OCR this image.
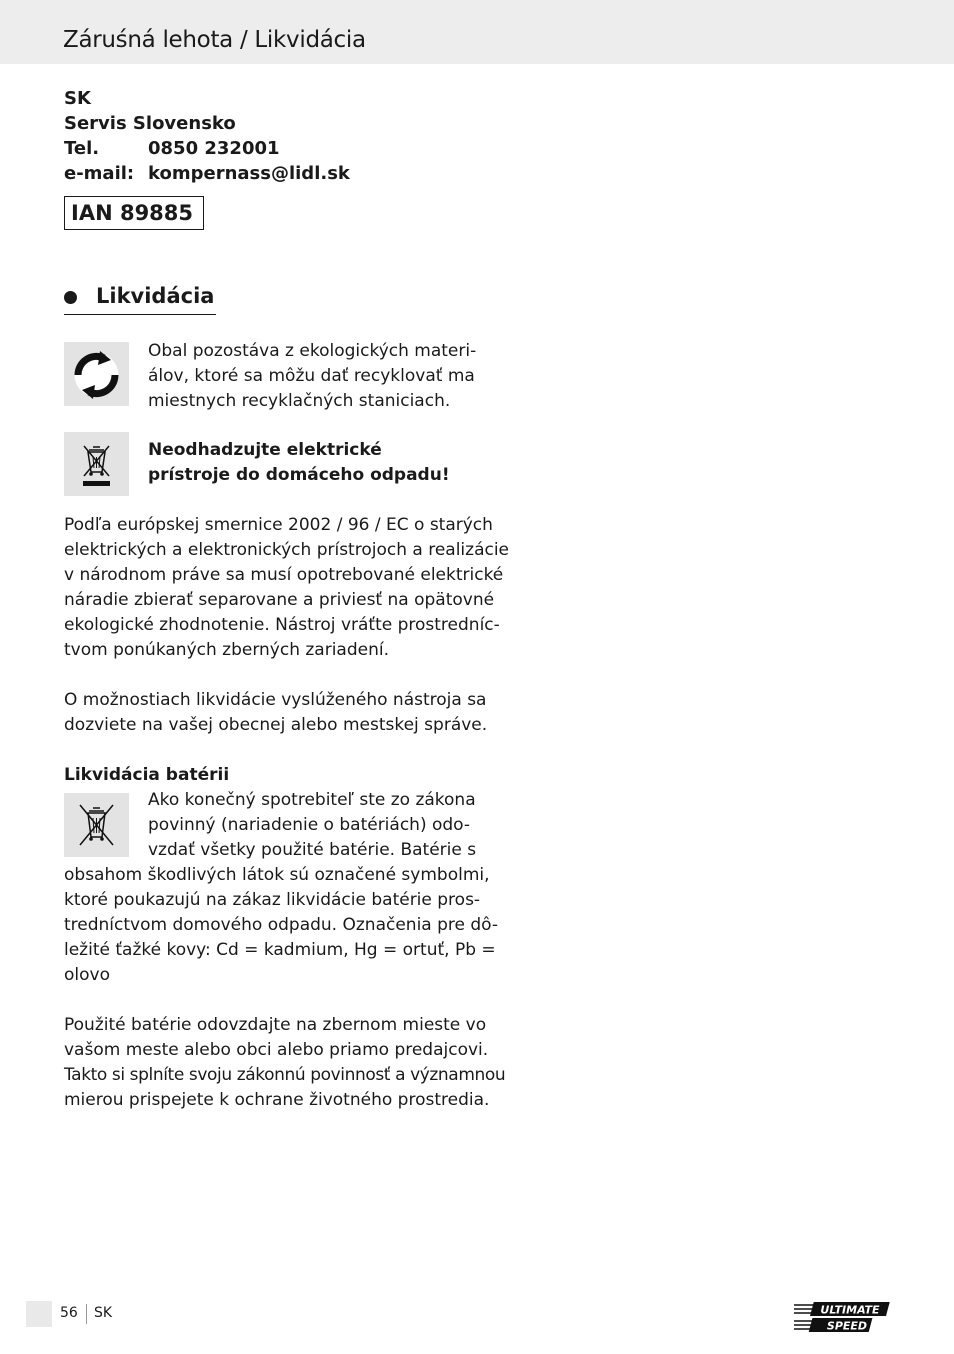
Záruśná lehota / Likvidácia
SK
Servis Slovensko
Tel.	0850 232001
e-mail: kompernass@lidl.sk
IAN 89885
Likvidácia
Obal pozostáva z ekologických materi-
álov, ktoré sa môžu dať recyklovať ma
miestnych recyklačných staniciach.
Neodhadzujte elektrické
prístroje do domáceho odpadu!
Podľa európskej smernice 2002 / 96 / EC o starých
elektrických a elektronických prístrojoch a realizácie
v národnom práve sa musí opotrebované elektrické
náradie zbierať separovane a priviesť na opätovné
ekologické zhodnotenie. Nástroj vráťte prostredníc-
tvom ponúkaných zberných zariadení.
O možnostiach likvidácie vyslúženého nástroja sa
dozviete na vašej obecnej alebo mestskej správe.
Likvidácia batérii
Ako konečný spotrebiteľ ste zo zákona
povinný (nariadenie o batériách) odo-
vzdať všetky použité batérie. Batérie s
obsahom škodlivých látok sú označené symbolmi,
ktoré poukazujú na zákaz likvidácie batérie pros-
tredníctvom domového odpadu. Označenia pre dô-
ležité ťažké kovy: Cd = kadmium, Hg = ortuť, Pb =
olovo
Použité batérie odovzdajte na zbernom mieste vo
vašom meste alebo obci alebo priamo predajcovi.
Takto si splníte svoju zákonnú povinnosť a významnou
mierou prispejete k ochrane životného prostredia.
56 SK	ULTIMATE
SPEED
